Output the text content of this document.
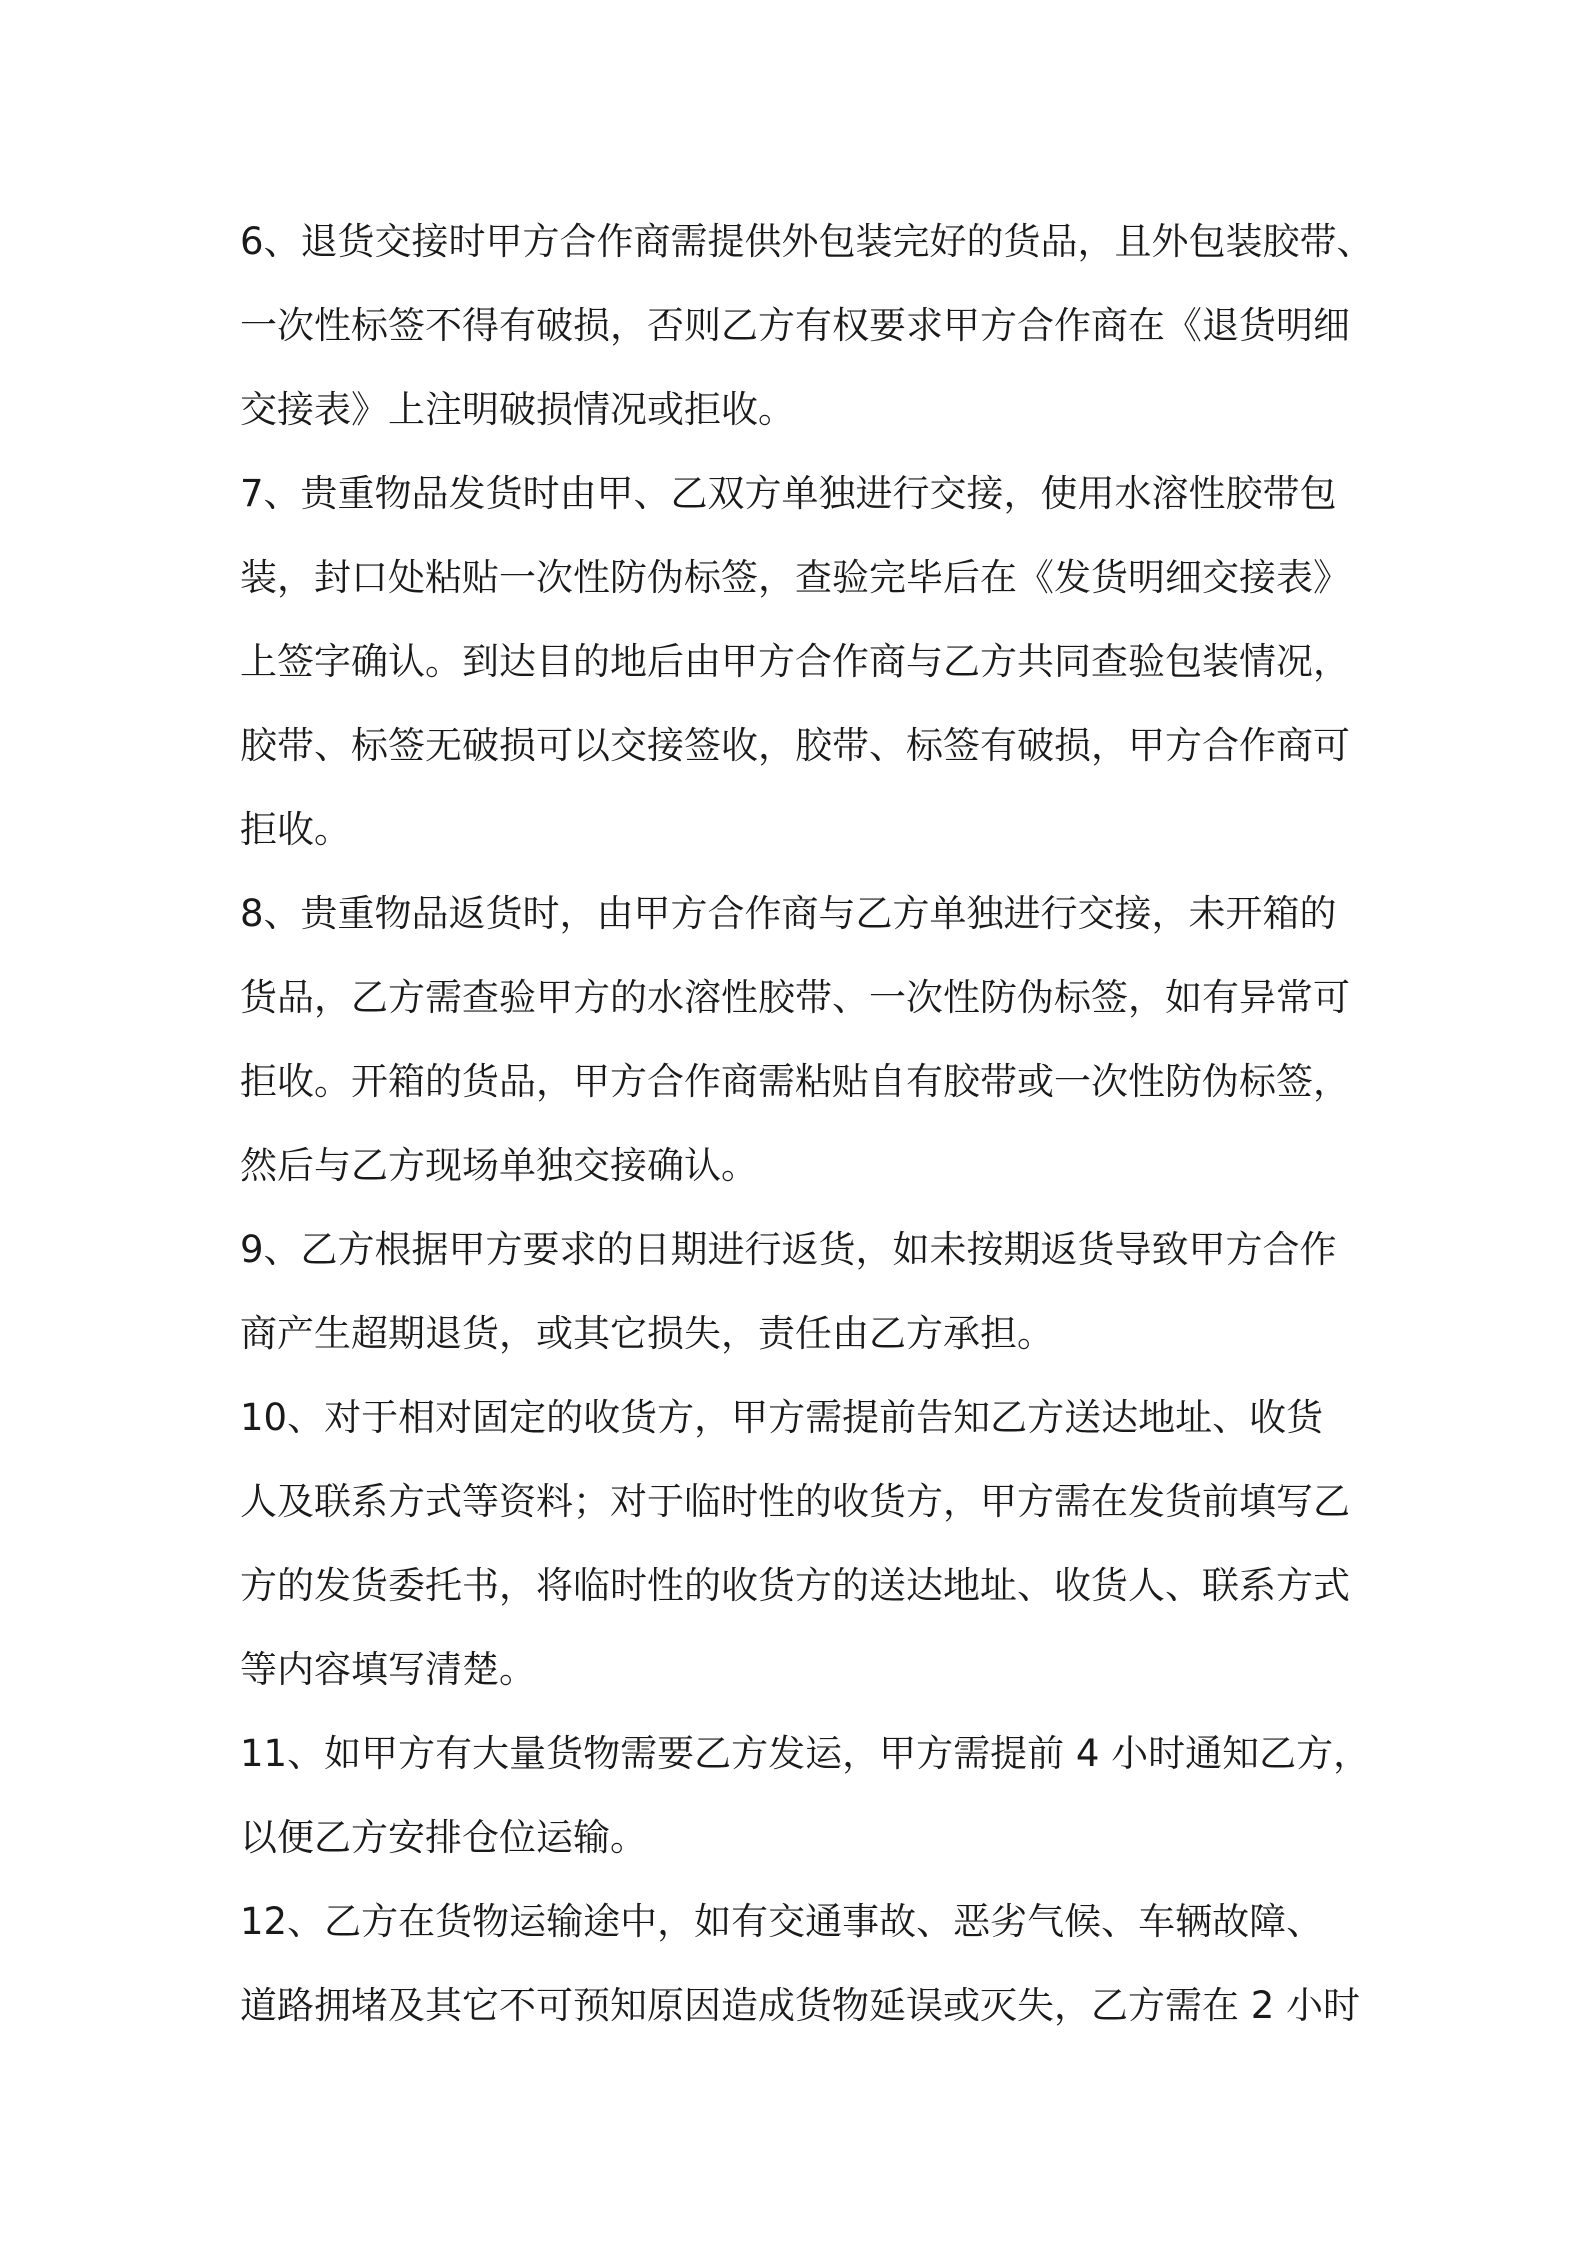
6、退货交接时甲方合作商需提供外包装完好的货品，且外包装胶带、
一次性标签不得有破损，否则乙方有权要求甲方合作商在《退货明细
交接表》上注明破损情况或拒收。
7、贵重物品发货时由甲、乙双方单独进行交接，使用水溶性胶带包
装，封口处粘贴一次性防伪标签，查验完毕后在《发货明细交接表》
上签字确认。到达目的地后由甲方合作商与乙方共同查验包装情况，
胶带、标签无破损可以交接签收，胶带、标签有破损，甲方合作商可
拒收。
8、贵重物品返货时，由甲方合作商与乙方单独进行交接，未开箱的
货品，乙方需查验甲方的水溶性胶带、一次性防伪标签，如有异常可
拒收。开箱的货品，甲方合作商需粘贴自有胶带或一次性防伪标签，
然后与乙方现场单独交接确认。
9、乙方根据甲方要求的日期进行返货，如未按期返货导致甲方合作
商产生超期退货，或其它损失，责任由乙方承担。
10、对于相对固定的收货方，甲方需提前告知乙方送达地址、收货
人及联系方式等资料；对于临时性的收货方，甲方需在发货前填写乙
方的发货委托书，将临时性的收货方的送达地址、收货人、联系方式
等内容填写清楚。
11、如甲方有大量货物需要乙方发运，甲方需提前 4 小时通知乙方，
以便乙方安排仓位运输。
12、乙方在货物运输途中，如有交通事故、恶劣气候、车辆故障、
道路拥堵及其它不可预知原因造成货物延误或灭失，乙方需在 2 小时
